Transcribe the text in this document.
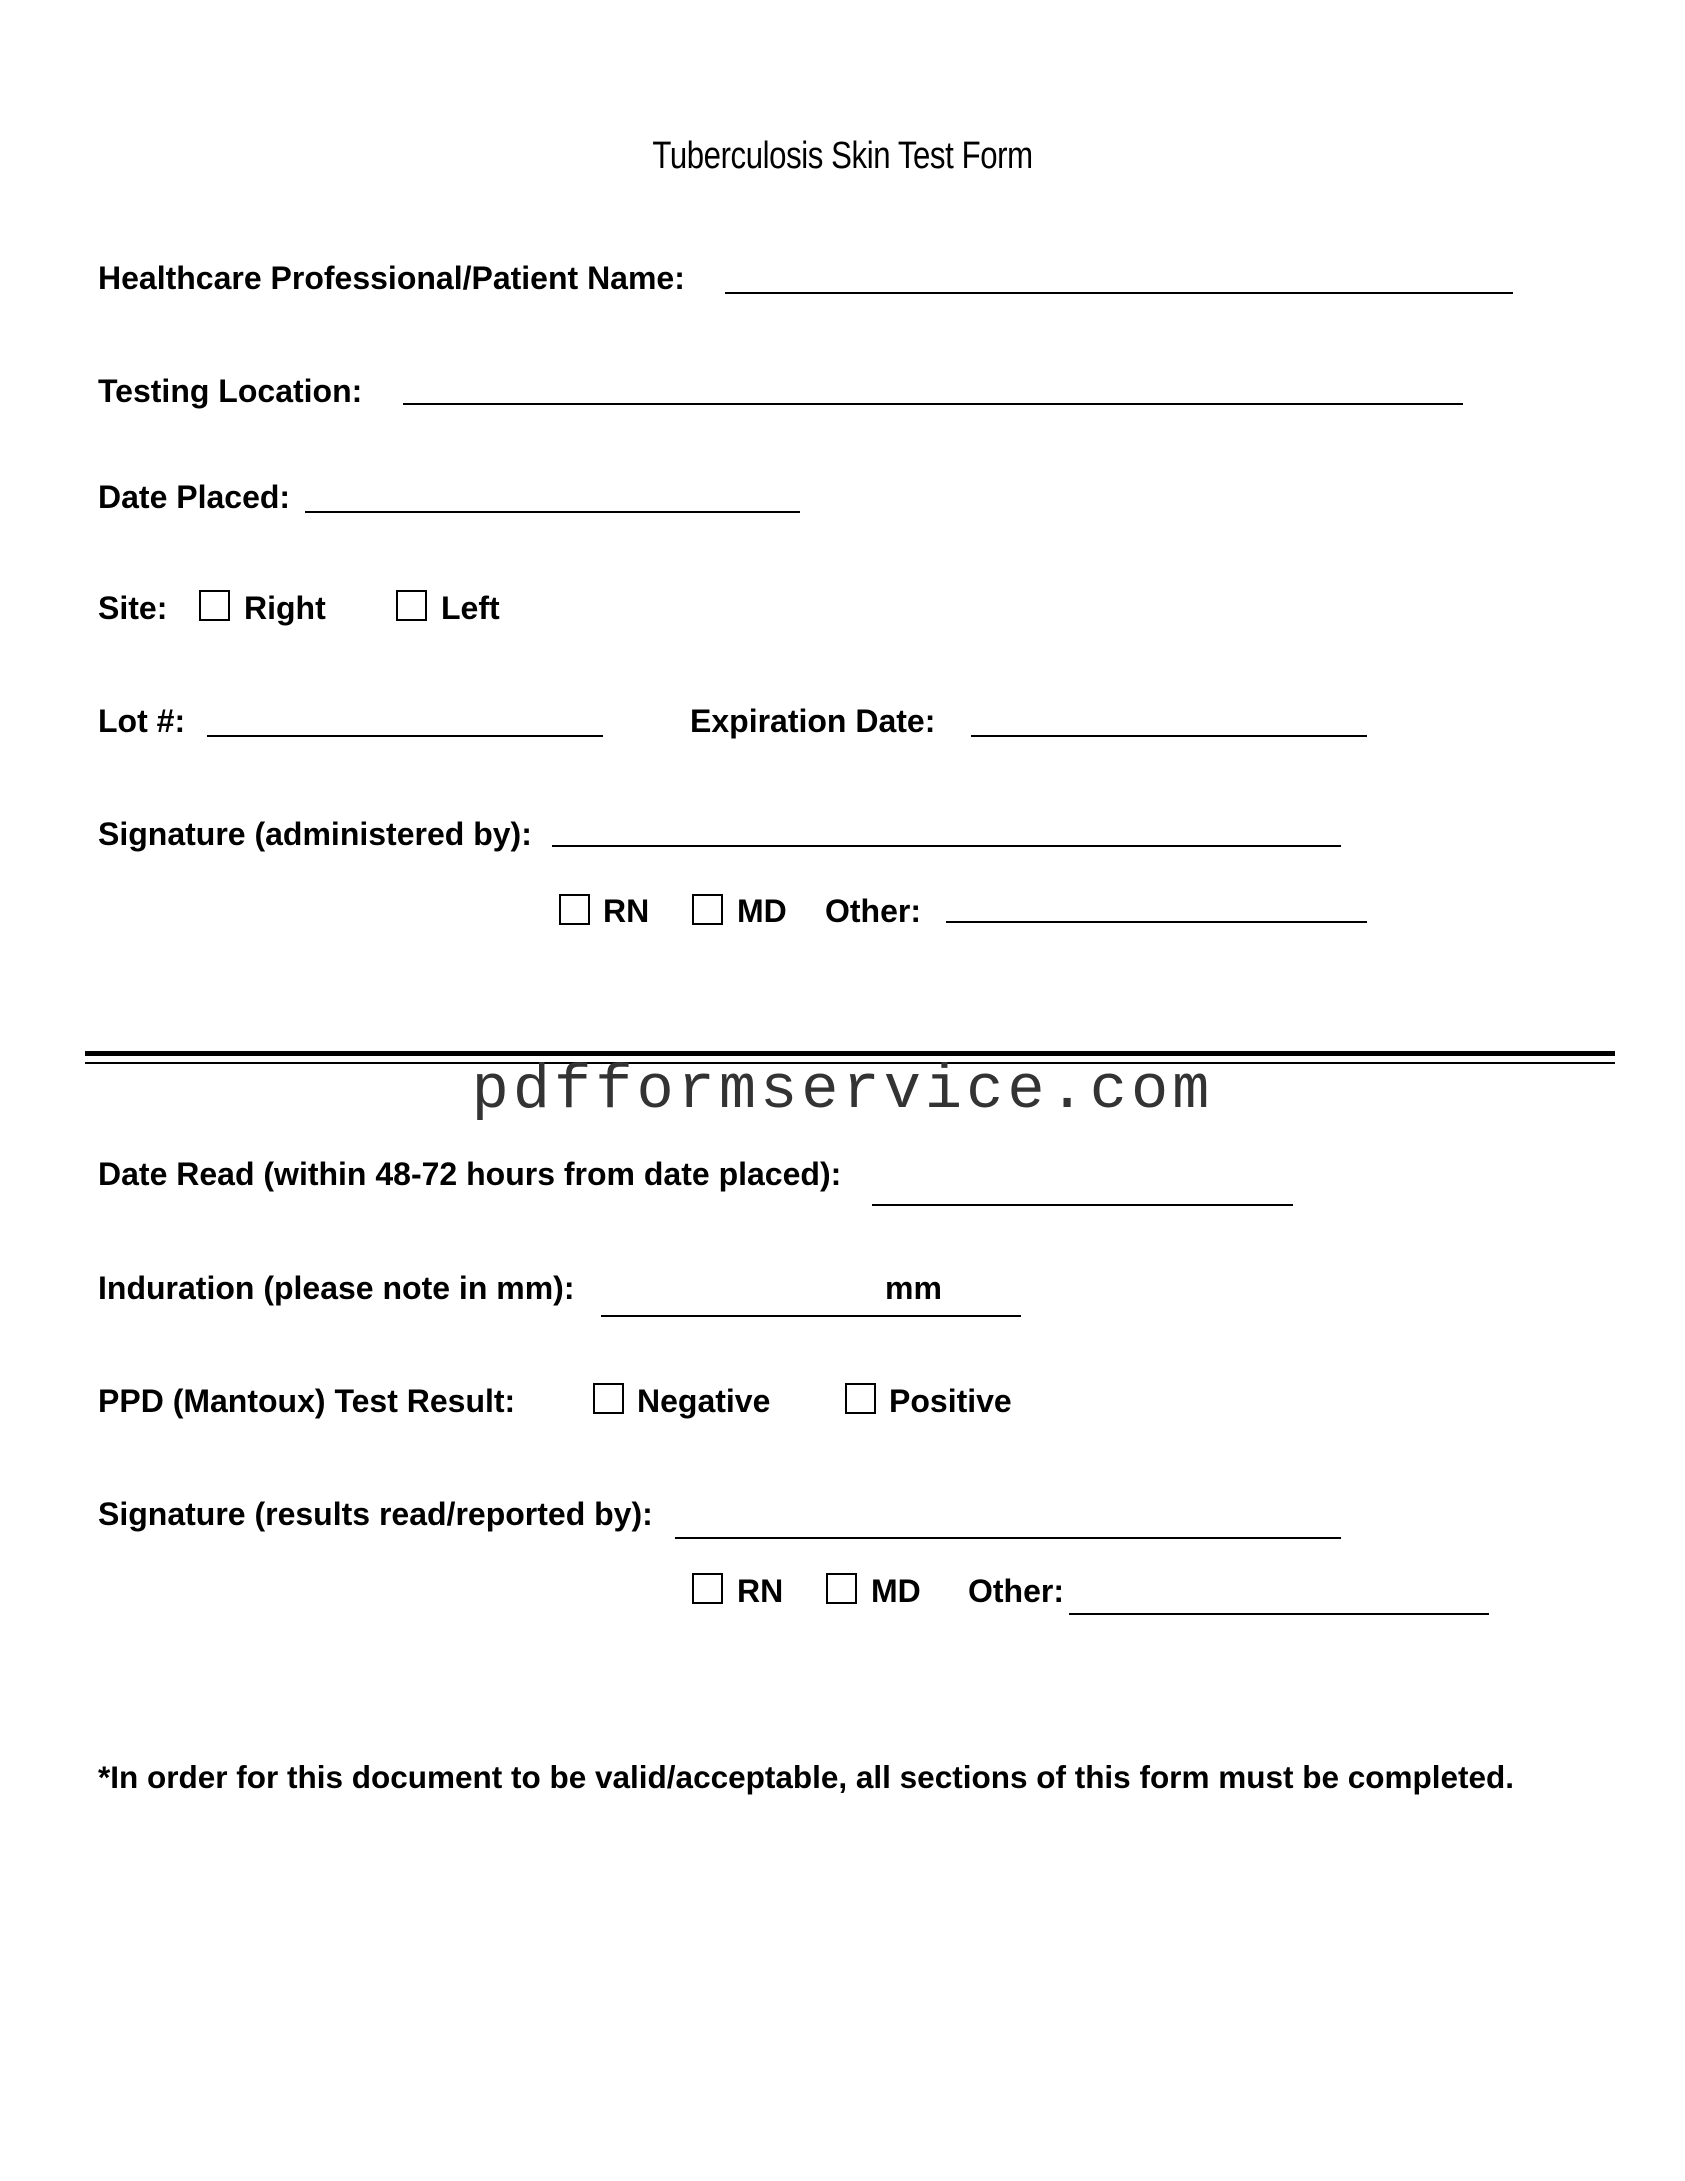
Tuberculosis Skin Test Form
Healthcare Professional/Patient Name:
Testing Location:
Date Placed:
Site: Right	Left
Lot #:	Expiration Date:
Signature (administered by):
RN	MD Other:
pdfformservice.com
Date Read (within 48-72 hours from date placed):
Induration (please note in mm):	mm
PPD (Mantoux) Test Result:	Negative	Positive
Signature (results read/reported by):
RN	MD Other:
*In order for this document to be valid/acceptable, all sections of this form must be completed.
